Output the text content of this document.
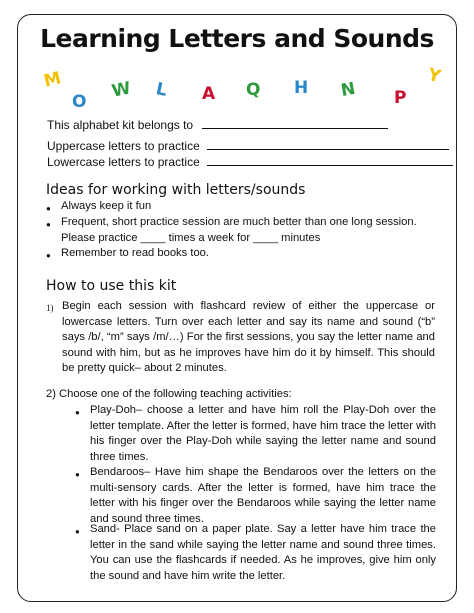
Learning Letters and Sounds
M
O
W L A Q H N P
Y
This alphabet kit belongs to
Uppercase letters to practice
Lowercase letters to practice
Ideas for working with letters/sounds
● Always keep it fun
● Frequent, short practice session are much better than one long session.
Please practice ____ times a week for ____ minutes
● Remember to read books too.
How to use this kit
1) Begin each session with flashcard review of either the uppercase or lowercase letters. Turn over each letter and say its name and sound (“b” says /b/, “m” says /m/…) For the first sessions, you say the letter name and sound with him, but as he improves have him do it by himself. This should be pretty quick– about 2 minutes.
2) Choose one of the following teaching activities:
● Play-Doh– choose a letter and have him roll the Play-Doh over the letter template. After the letter is formed, have him trace the letter with his finger over the Play-Doh while saying the letter name and sound three times.
● Bendaroos– Have him shape the Bendaroos over the letters on the multi-sensory cards. After the letter is formed, have him trace the letter with his finger over the Bendaroos while saying the letter name and sound three times.
● Sand- Place sand on a paper plate. Say a letter have him trace the letter in the sand while saying the letter name and sound three times. You can use the flashcards if needed. As he improves, give him only the sound and have him write the letter.
